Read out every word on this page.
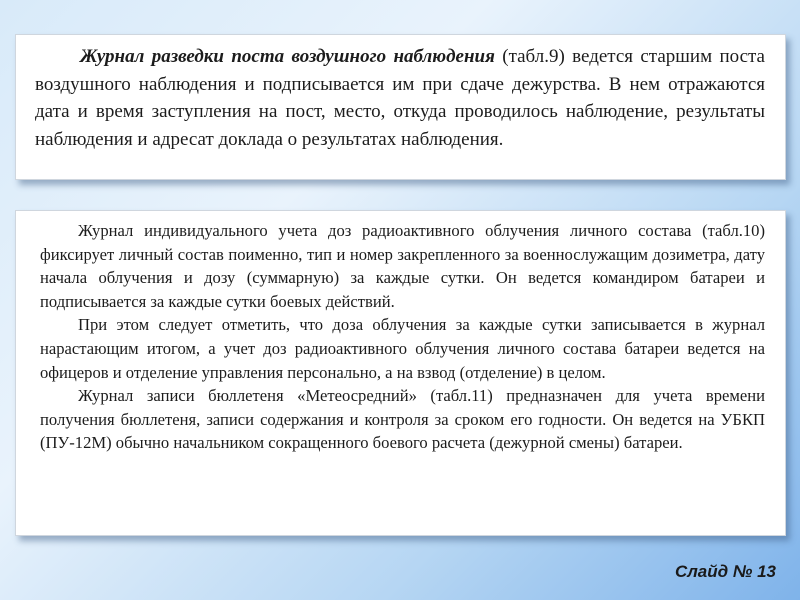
Журнал разведки поста воздушного наблюдения (табл.9) ведется старшим поста воздушного наблюдения и подписывается им при сдаче дежурства. В нем отражаются дата и время заступления на пост, место, откуда проводилось наблюдение, результаты наблюдения и адресат доклада о результатах наблюдения.

Журнал индивидуального учета доз радиоактивного облучения личного состава (табл.10) фиксирует личный состав поименно, тип и номер закрепленного за военнослужащим дозиметра, дату начала облучения и дозу (суммарную) за каждые сутки. Он ведется командиром батареи и подписывается за каждые сутки боевых действий.

При этом следует отметить, что доза облучения за каждые сутки записывается в журнал нарастающим итогом, а учет доз радиоактивного облучения личного состава батареи ведется на офицеров и отделение управления персонально, а на взвод (отделение) в целом.

Журнал записи бюллетеня «Метеосредний» (табл.11) предназначен для учета времени получения бюллетеня, записи содержания и контроля за сроком его годности. Он ведется на УБКП (ПУ-12М) обычно начальником сокращенного боевого расчета (дежурной смены) батареи.

Слайд № 13
